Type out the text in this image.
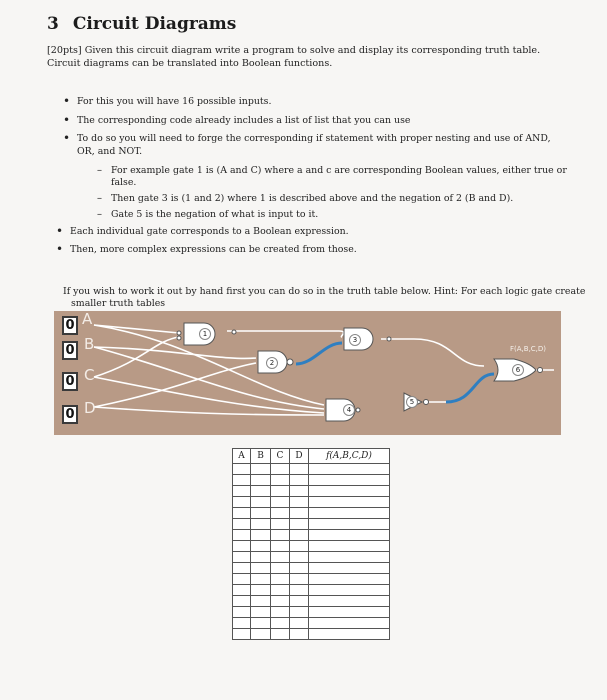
3 Circuit Diagrams
[20pts] Given this circuit diagram write a program to solve and display its corresponding truth table. Circuit diagrams can be translated into Boolean functions.
• For this you will have 16 possible inputs.
• The corresponding code already includes a list of list that you can use
• To do so you will need to forge the corresponding if statement with proper nesting and use of AND, OR, and NOT.
– For example gate 1 is (A and C) where a and c are corresponding Boolean values, either true or false.
– Then gate 3 is (1 and 2) where 1 is described above and the negation of 2 (B and D).
– Gate 5 is the negation of what is input to it.
• Each individual gate corresponds to a Boolean expression.
• Then, more complex expressions can be created from those.
If you wish to work it out by hand first you can do so in the truth table below. Hint: For each logic gate create smaller truth tables
0
0
0
0
A
B
C
D
1
2
3
4
5
6
F(A,B,C,D)
A	B	C	D	f(A,B,C,D)
